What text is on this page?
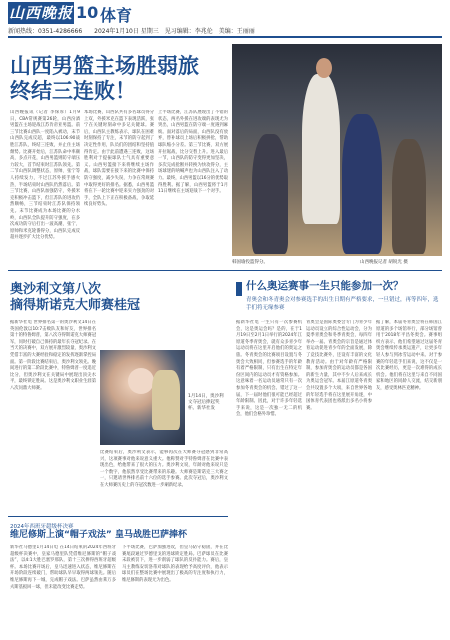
山西晚报 10 体育
新闻热线：0351-4286666　　2024年1月10日 星期三　见习编辑：李兆伦　美编：王丽丽
山西男篮主场胜弱旅
终结三连败！
韩国瑜投篮得分。	山西晚报记者 胡锐光 摄
山西晚报讯（记者 李保厚）1月9日，CBA常规赛第26轮，山西汾酒男篮在主场迎战江苏肯帝亚男篮。前三节比赛山西队一度陷入被动，末节山西队完成反超，最终以106:90战胜江苏队，终结三连败，并止住主场颓势。比赛开始后，江苏队命中率颇高，多点开花，山西男篮则防守端压力较大，首节结束时江苏队领先。第二节山西队调整状态，原帅、张宁等人持续发力，不过江苏外援手感火热，半场结束时山西队仍然落后。第三节比赛，山西队加强防守，外援米克积极冲击篮下，但江苏队的进攻仍然顺畅，三节结束时江苏队保持领先。末节比赛成为本场比赛的分水岭，山西队全队提升防守强度，在多次成功防守后打出一波高潮，张宁、原帅和米克轮番得分，山西队完成反超并逐步扩大比分优势。
本场比赛，山西队共有多名球员得分上双，外援米克在篮下表现活跃，张宁在关键时刻命中多记关键球。赛后，山西队主教练表示，球队在困难时刻保持了专注，末节的防守起到了决定性作用，队员们的团结和坚持值得肯定。由于此前遭遇三连败，这场胜利对于提振球队士气具有重要意义。山西男篮接下来将继续主场作战，球队需要在接下来的比赛中保持防守强度，减少失误，力争在常规赛中取得更好的排名。据悉，山西男篮将在下一轮比赛中迎来实力强劲的对手，全队上下正在积极备战，争取延续良好势头。
上半场比赛，江苏队展现出了不错的状态，两名外援在进攻端的表现尤为突出，山西男篮在防守端一度遇到麻烦。面对落后的局面，山西队没有放弃，替补球员上场后积极拼抢，帮助球队缩小分差。第三节比赛，双方展开拉锯战，比分交替上升。进入最后一节，山西队的防守变得更加坚决，多次完成抢断并转换为快攻得分，主场球迷的呐喊声也为山西队注入了动力。最终，山西男篮以16分的优势取得胜利。据了解，山西男篮将于1月11日继续在主场迎战下一个对手。
奥沙利文第八次
摘得斯诺克大师赛桂冠
据新华社电 世界排名第一的奥沙利文14日在英国伦敦以10:7击败队友和好友、世界排名第十的特鲁姆普，第八次夺得斯诺克大师赛冠军，同时打破自己保持的最年长夺冠纪录。在当天的决赛中，双方展开激烈较量，奥沙利文凭借丰富的大赛经验和稳定的发挥逐渐掌控局面。第一阶段比赛结束后，奥沙利文领先。晚间进行的第二阶段比赛中，特鲁姆普一度追近比分，但奥沙利文在关键局中展现出顶尖水平，最终锁定胜局。这是奥沙利文职业生涯第八次问鼎大师赛。
1月14日，奥沙利文夺冠后捧起奖杯。新华社发
比赛结束后，奥沙利文表示，能够再次在大师赛夺冠感到非常高兴，这项赛事对他来说意义重大。他称赞对手特鲁姆普在比赛中表现出色，给他带来了很大的压力。奥沙利文说，年龄对他来说只是一个数字，他依然享受比赛带来的乐趣。大师赛是斯诺克三大赛之一，只邀请世界排名前十六位的选手参赛。此次夺冠后，奥沙利文在大师赛历史上的夺冠次数进一步刷新纪录。
2024年西班牙超级杯决赛
维尼修斯上演“帽子戏法” 皇马战胜巴萨捧杯
新华社马德里1月14日电 在14日结束的2024年西班牙超级杯决赛中，皇家马德里队凭借维尼修斯的“帽子戏法”，以4:1大胜巴塞罗那队，第十三次捧得西班牙超级杯。本场比赛开场后，皇马迅速进入状态，维尼修斯在开场阶段连续破门，帮助球队早早取得两球领先。随后维尼修斯再下一城，完成帽子戏法。巴萨虽然由莱万多夫斯基扳回一球，但未能改变比赛走势。
下半场比赛，巴萨加强进攻，但皇马防守稳固，并在比赛尾段通过罗德里戈的进球锁定胜局。巴萨球员在比赛末段被罚下，进一步削弱了球队的反扑能力。赛后，皇马主教练安切洛蒂对球队的表现给予高度评价，他表示球员们在整场比赛中展现出了极高的专注度和执行力，维尼修斯的表现尤为出色。
什么奥运赛事一生只能参加一次？
青奥会和冬青奥会对参赛选手的出生日期有严格要求，一旦错过，再等四年，选手们将无缘参赛
据新华社电 一生只有一次参赛机会，这是奥运会吗？是的，在于1月19日至2月1日举行的2024年江原道冬季青奥会，就有众多青少年运动员将在这里开启他们的奥运之旅。冬青奥会的比赛项目设置与冬奥会大致相同，但参赛选手的年龄有着严格限制，只有出生在特定年份区间内的运动员才有资格参加。这意味着一名运动员通常只有一次参加冬青奥会的机会。错过了这一届，下一届时他们很可能已经超过年龄限制。因此，对于许多年轻选手来说，这是一次独一无二的机会，他们会格外珍惜。
青奥会是国际奥委会专门为青少年运动员设立的综合性运动会，分为夏季青奥会和冬季青奥会，每四年举办一届。青奥会的宗旨是通过体育运动促进青少年的全面发展，除了竞技比赛外，还设有丰富的文化教育活动。由于对年龄有严格限制，参加青奥会的运动员都是各国的新生力量，其中不少人后来成长为奥运会冠军。本届江原道冬青奥会共设置多个大项，来自世界各地的年轻选手将在这里展开角逐，中国体育代表团也将派出多名小将参赛。
据了解，本届冬青奥会将在韩国江原道的多个场馆举行，部分场馆曾用于2018年平昌冬奥会。赛事组织方表示，他们希望通过这届冬青奥会继续传承奥运遗产，让更多年轻人参与到冰雪运动中来。对于参赛的年轻选手们来说，这不仅是一次比赛经历，更是一次难得的成长机会。他们将在这里与来自不同国家和地区的同龄人交流，结交新朋友，感受奥林匹克精神。
